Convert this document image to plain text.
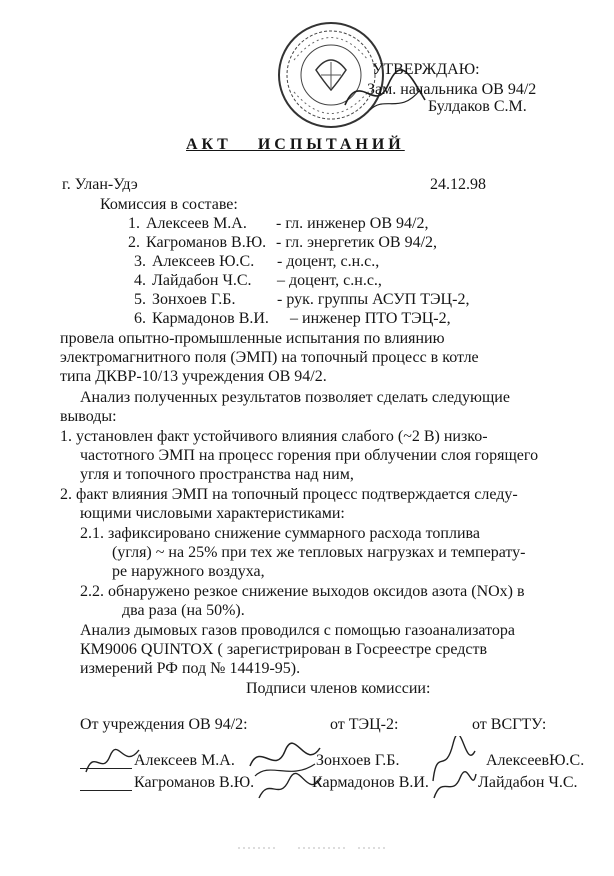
УТВЕРЖДАЮ:
Зам. начальника ОВ 94/2
Булдаков С.М.
АКТ ИСПЫТАНИЙ
г. Улан-Удэ	24.12.98
Комиссия в составе:
1. Алексеев М.А. - гл. инженер ОВ 94/2,
2. Кагроманов В.Ю. - гл. энергетик ОВ 94/2,
3. Алексеев Ю.С. - доцент, с.н.с.,
4. Лайдабон Ч.С. – доцент, с.н.с.,
5. Зонхоев Г.Б.	- рук. группы АСУП ТЭЦ-2,
6. Кармадонов В.И. – инженер ПТО ТЭЦ-2,
провела опытно-промышленные испытания по влиянию
электромагнитного поля (ЭМП) на топочный процесс в котле
типа ДКВР-10/13 учреждения ОВ 94/2.
Анализ полученных результатов позволяет сделать следующие
выводы:
1. установлен факт устойчивого влияния слабого (~2 В) низко-
частотного ЭМП на процесс горения при облучении слоя горящего
угля и топочного пространства над ним,
2. факт влияния ЭМП на топочный процесс подтверждается следу-
ющими числовыми характеристиками:
2.1. зафиксировано снижение суммарного расхода топлива
(угля) ~ на 25% при тех же тепловых нагрузках и температу-
ре наружного воздуха,
2.2. обнаружено резкое снижение выходов оксидов азота (NOx) в
два раза (на 50%).
Анализ дымовых газов проводился с помощью газоанализатора
КМ9006 QUINTOX ( зарегистрирован в Госреестре средств
измерений РФ под № 14419-95).
Подписи членов комиссии:
От учреждения ОВ 94/2:	от ТЭЦ-2:	от ВСГТУ:
Алексеев М.А.	Зонхоев Г.Б.	АлексеевЮ.С.
Кагроманов В.Ю.	Кармадонов В.И.	Лайдабон Ч.С.
